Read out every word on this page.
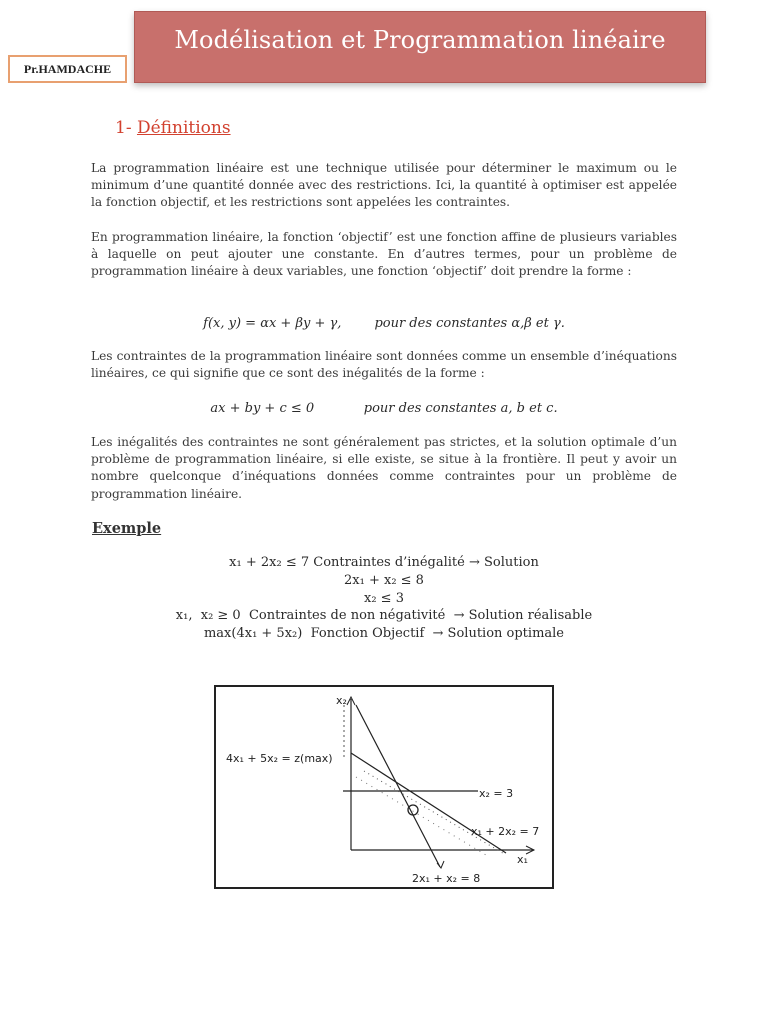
Pr.HAMDACHE
Modélisation et Programmation linéaire
1- Définitions
La programmation linéaire est une technique utilisée pour déterminer le maximum ou le minimum d’une quantité donnée avec des restrictions. Ici, la quantité à optimiser est appelée la fonction objectif, et les restrictions sont appelées les contraintes.
En programmation linéaire, la fonction ‘objectif’ est une fonction affine de plusieurs variables à laquelle on peut ajouter une constante. En d’autres termes, pour un problème de programmation linéaire à deux variables, une fonction ‘objectif’ doit prendre la forme :
f(x, y) = αx + βy + γ,        pour des constantes α,β et γ.
Les contraintes de la programmation linéaire sont données comme un ensemble d’inéquations linéaires, ce qui signifie que ce sont des inégalités de la forme :
ax + by + c ≤ 0            pour des constantes a, b et c.
Les inégalités des contraintes ne sont généralement pas strictes, et la solution optimale d’un problème de programmation linéaire, si elle existe, se situe à la frontière. Il peut y avoir un nombre quelconque d’inéquations données comme contraintes pour un problème de programmation linéaire.
Exemple
x₁ + 2x₂ ≤ 7 Contraintes d’inégalité → Solution
2x₁ + x₂ ≤ 8
x₂ ≤ 3
x₁,  x₂ ≥ 0  Contraintes de non négativité  → Solution réalisable
max(4x₁ + 5x₂)  Fonction Objectif  → Solution optimale
x₂
x₁
4x₁ + 5x₂ = z(max)
x₂ = 3
x₁ + 2x₂ = 7
2x₁ + x₂ = 8
